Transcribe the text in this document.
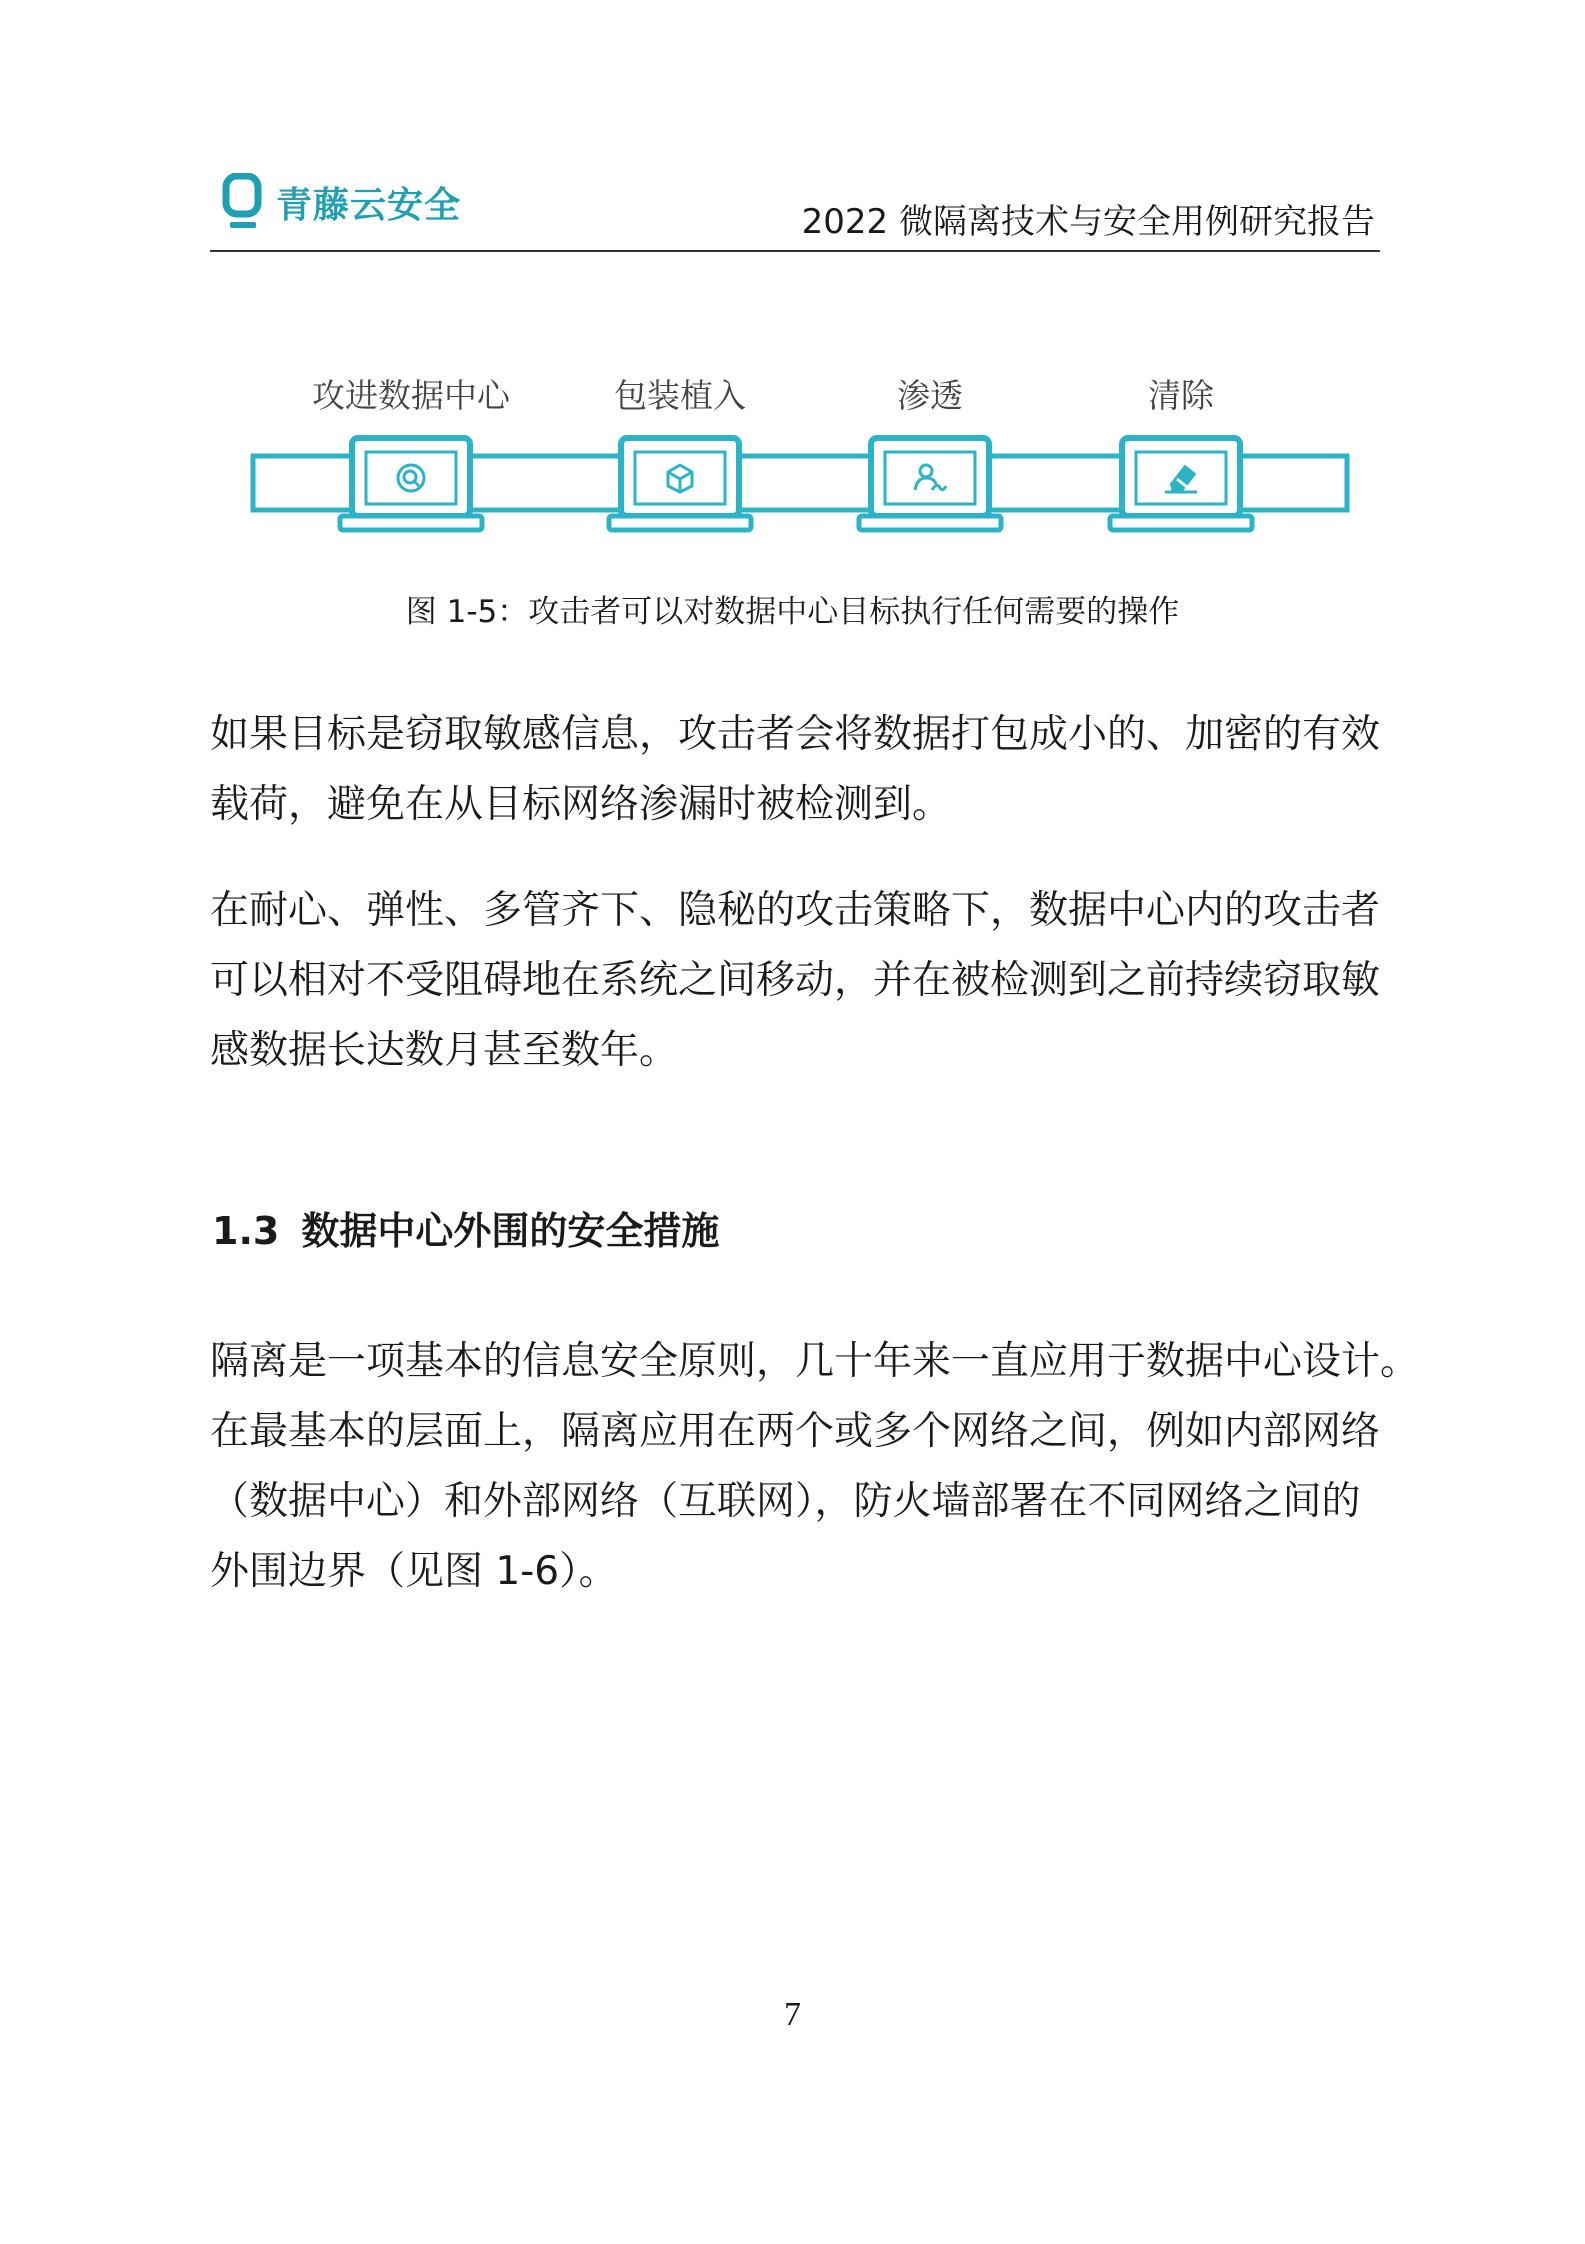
青藤云安全	2022 微隔离技术与安全用例研究报告
攻进数据中心	包装植入	渗透	清除
图 1-5：攻击者可以对数据中心目标执行任何需要的操作

如果目标是窃取敏感信息，攻击者会将数据打包成小的、加密的有效
载荷，避免在从目标网络渗漏时被检测到。

在耐心、弹性、多管齐下、隐秘的攻击策略下，数据中心内的攻击者
可以相对不受阻碍地在系统之间移动，并在被检测到之前持续窃取敏
感数据长达数月甚至数年。

1.3 数据中心外围的安全措施

隔离是一项基本的信息安全原则，几十年来一直应用于数据中心设计。
在最基本的层面上，隔离应用在两个或多个网络之间，例如内部网络
（数据中心）和外部网络（互联网），防火墙部署在不同网络之间的
外围边界（见图 1-6）。

7
